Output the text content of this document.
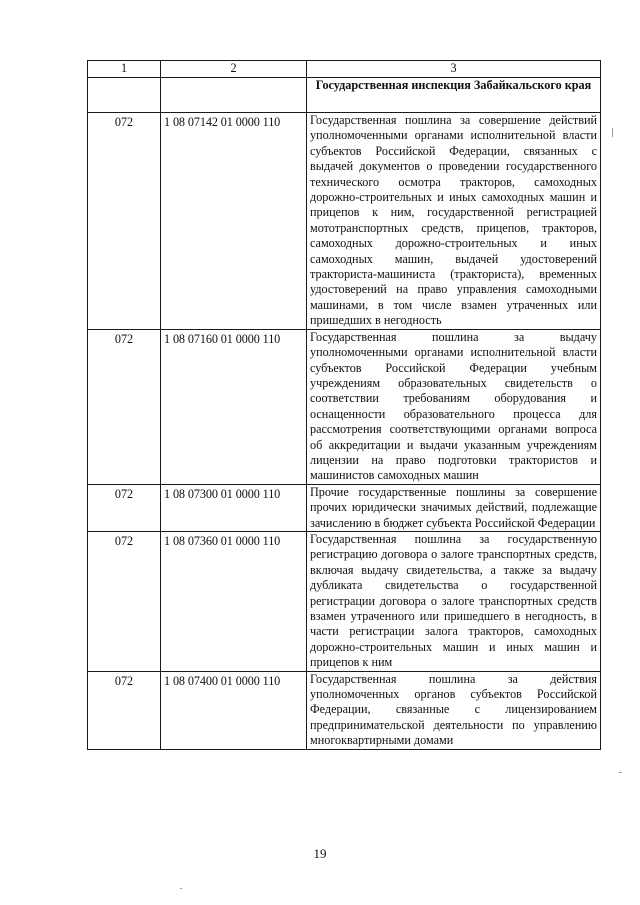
1	2	3
		Государственная инспекция Забайкальского края
072	1 08 07142 01 0000 110	Государственная пошлина за совершение действий уполномоченными органами исполнительной власти субъектов Российской Федерации, связанных с выдачей документов о проведении государственного технического осмотра тракторов, самоходных дорожно-строительных и иных самоходных машин и прицепов к ним, государственной регистрацией мототранспортных средств, прицепов, тракторов, самоходных дорожно-строительных и иных самоходных машин, выдачей удостоверений тракториста-машиниста (тракториста), временных удостоверений на право управления самоходными машинами, в том числе взамен утраченных или пришедших в негодность

072	1 08 07160 01 0000 110	Государственная пошлина за выдачу уполномоченными органами исполнительной власти субъектов Российской Федерации учебным учреждениям образовательных свидетельств о соответствии требованиям оборудования и оснащенности образовательного процесса для рассмотрения соответствующими органами вопроса об аккредитации и выдачи указанным учреждениям лицензии на право подготовки трактористов и машинистов самоходных машин

072	1 08 07300 01 0000 110	Прочие государственные пошлины за совершение прочих юридически значимых действий, подлежащие зачислению в бюджет субъекта Российской Федерации

072	1 08 07360 01 0000 110	Государственная пошлина за государственную регистрацию договора о залоге транспортных средств, включая выдачу свидетельства, а также за выдачу дубликата свидетельства о государственной регистрации договора о залоге транспортных средств взамен утраченного или пришедшего в негодность, в части регистрации залога тракторов, самоходных дорожно-строительных машин и иных машин и прицепов к ним

072	1 08 07400 01 0000 110	Государственная пошлина за действия уполномоченных органов субъектов Российской Федерации, связанные с лицензированием предпринимательской деятельности по управлению многоквартирными домами
19
